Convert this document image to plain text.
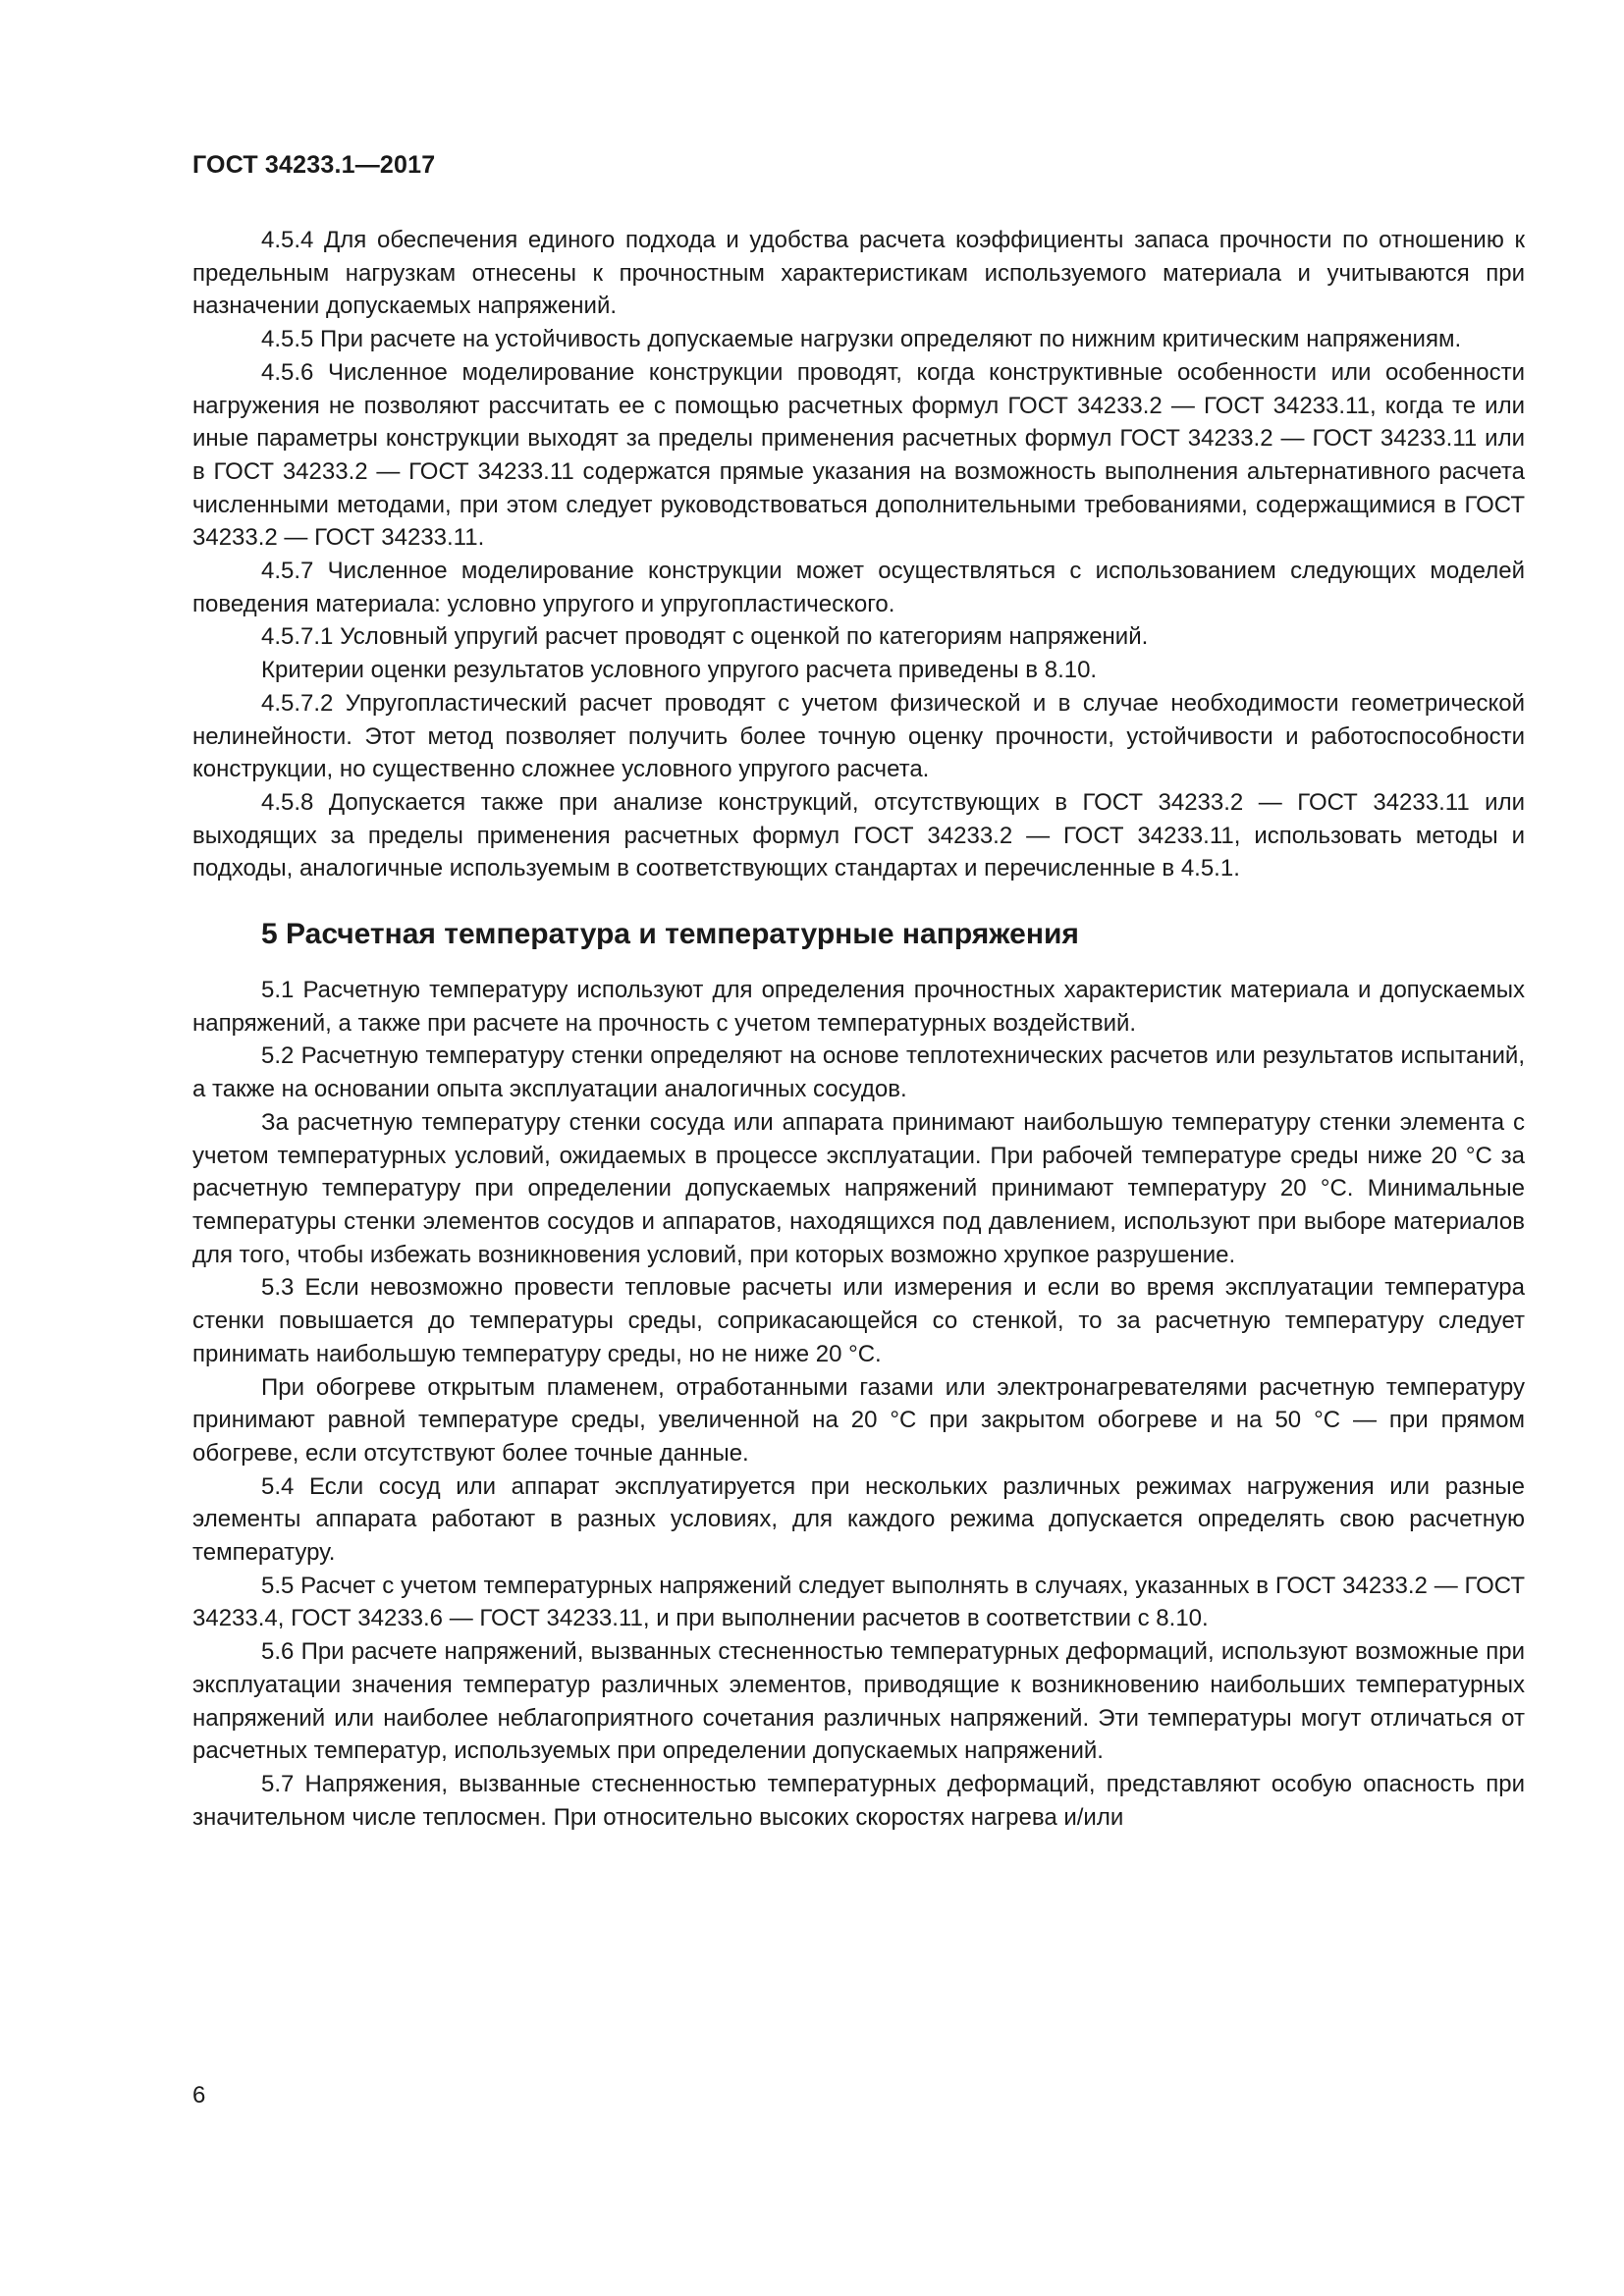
ГОСТ 34233.1—2017

4.5.4 Для обеспечения единого подхода и удобства расчета коэффициенты запаса прочности по отношению к предельным нагрузкам отнесены к прочностным характеристикам используемого материала и учитываются при назначении допускаемых напряжений.

4.5.5 При расчете на устойчивость допускаемые нагрузки определяют по нижним критическим напряжениям.

4.5.6 Численное моделирование конструкции проводят, когда конструктивные особенности или особенности нагружения не позволяют рассчитать ее с помощью расчетных формул ГОСТ 34233.2 — ГОСТ 34233.11, когда те или иные параметры конструкции выходят за пределы применения расчетных формул ГОСТ 34233.2 — ГОСТ 34233.11 или в ГОСТ 34233.2 — ГОСТ 34233.11 содержатся прямые указания на возможность выполнения альтернативного расчета численными методами, при этом следует руководствоваться дополнительными требованиями, содержащимися в ГОСТ 34233.2 — ГОСТ 34233.11.

4.5.7 Численное моделирование конструкции может осуществляться с использованием следующих моделей поведения материала: условно упругого и упругопластического.

4.5.7.1 Условный упругий расчет проводят с оценкой по категориям напряжений.

Критерии оценки результатов условного упругого расчета приведены в 8.10.

4.5.7.2 Упругопластический расчет проводят с учетом физической и в случае необходимости геометрической нелинейности. Этот метод позволяет получить более точную оценку прочности, устойчивости и работоспособности конструкции, но существенно сложнее условного упругого расчета.

4.5.8 Допускается также при анализе конструкций, отсутствующих в ГОСТ 34233.2 — ГОСТ 34233.11 или выходящих за пределы применения расчетных формул ГОСТ 34233.2 — ГОСТ 34233.11, использовать методы и подходы, аналогичные используемым в соответствующих стандартах и перечисленные в 4.5.1.

5 Расчетная температура и температурные напряжения

5.1 Расчетную температуру используют для определения прочностных характеристик материала и допускаемых напряжений, а также при расчете на прочность с учетом температурных воздействий.

5.2 Расчетную температуру стенки определяют на основе теплотехнических расчетов или результатов испытаний, а также на основании опыта эксплуатации аналогичных сосудов.

За расчетную температуру стенки сосуда или аппарата принимают наибольшую температуру стенки элемента с учетом температурных условий, ожидаемых в процессе эксплуатации. При рабочей температуре среды ниже 20 °С за расчетную температуру при определении допускаемых напряжений принимают температуру 20 °С. Минимальные температуры стенки элементов сосудов и аппаратов, находящихся под давлением, используют при выборе материалов для того, чтобы избежать возникновения условий, при которых возможно хрупкое разрушение.

5.3 Если невозможно провести тепловые расчеты или измерения и если во время эксплуатации температура стенки повышается до температуры среды, соприкасающейся со стенкой, то за расчетную температуру следует принимать наибольшую температуру среды, но не ниже 20 °С.

При обогреве открытым пламенем, отработанными газами или электронагревателями расчетную температуру принимают равной температуре среды, увеличенной на 20 °С при закрытом обогреве и на 50 °С — при прямом обогреве, если отсутствуют более точные данные.

5.4 Если сосуд или аппарат эксплуатируется при нескольких различных режимах нагружения или разные элементы аппарата работают в разных условиях, для каждого режима допускается определять свою расчетную температуру.

5.5 Расчет с учетом температурных напряжений следует выполнять в случаях, указанных в ГОСТ 34233.2 — ГОСТ 34233.4, ГОСТ 34233.6 — ГОСТ 34233.11, и при выполнении расчетов в соответствии с 8.10.

5.6 При расчете напряжений, вызванных стесненностью температурных деформаций, используют возможные при эксплуатации значения температур различных элементов, приводящие к возникновению наибольших температурных напряжений или наиболее неблагоприятного сочетания различных напряжений. Эти температуры могут отличаться от расчетных температур, используемых при определении допускаемых напряжений.

5.7 Напряжения, вызванные стесненностью температурных деформаций, представляют особую опасность при значительном числе теплосмен. При относительно высоких скоростях нагрева и/или

6
